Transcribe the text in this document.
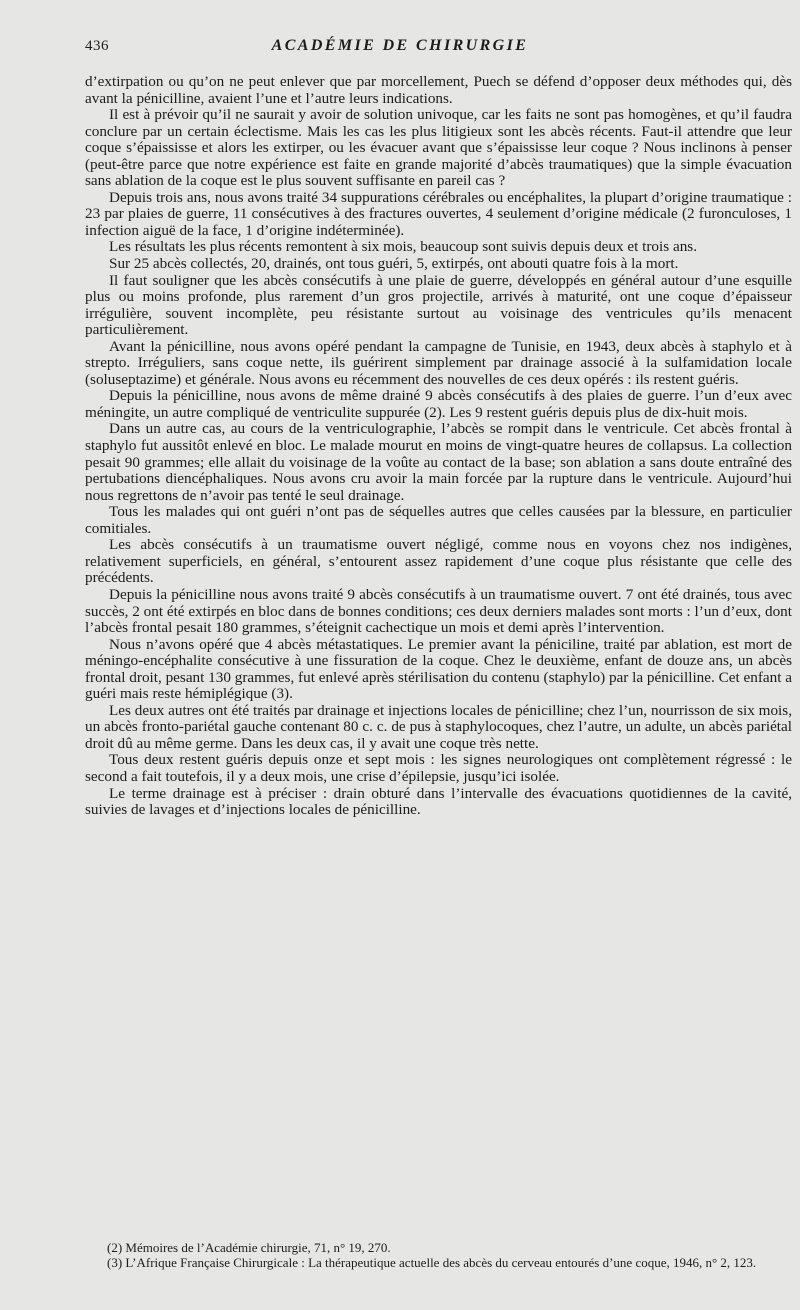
436	ACADÉMIE DE CHIRURGIE

d’extirpation ou qu’on ne peut enlever que par morcellement, Puech se défend d’opposer deux méthodes qui, dès avant la pénicilline, avaient l’une et l’autre leurs indications.

Il est à prévoir qu’il ne saurait y avoir de solution univoque, car les faits ne sont pas homogènes, et qu’il faudra conclure par un certain éclectisme. Mais les cas les plus litigieux sont les abcès récents. Faut-il attendre que leur coque s’épaississe et alors les extirper, ou les évacuer avant que s’épaississe leur coque ? Nous inclinons à penser (peut-être parce que notre expérience est faite en grande majorité d’abcès traumatiques) que la simple évacuation sans ablation de la coque est le plus souvent suffisante en pareil cas ?

Depuis trois ans, nous avons traité 34 suppurations cérébrales ou encéphalites, la plupart d’origine traumatique : 23 par plaies de guerre, 11 consécutives à des fractures ouvertes, 4 seulement d’origine médicale (2 furonculoses, 1 infection aiguë de la face, 1 d’origine indéterminée).

Les résultats les plus récents remontent à six mois, beaucoup sont suivis depuis deux et trois ans.

Sur 25 abcès collectés, 20, drainés, ont tous guéri, 5, extirpés, ont abouti quatre fois à la mort.

Il faut souligner que les abcès consécutifs à une plaie de guerre, développés en général autour d’une esquille plus ou moins profonde, plus rarement d’un gros projectile, arrivés à maturité, ont une coque d’épaisseur irrégulière, souvent incomplète, peu résistante surtout au voisinage des ventricules qu’ils menacent particulièrement.

Avant la pénicilline, nous avons opéré pendant la campagne de Tunisie, en 1943, deux abcès à staphylo et à strepto. Irréguliers, sans coque nette, ils guérirent simplement par drainage associé à la sulfamidation locale (soluseptazime) et générale. Nous avons eu récemment des nouvelles de ces deux opérés : ils restent guéris.

Depuis la pénicilline, nous avons de même drainé 9 abcès consécutifs à des plaies de guerre. l’un d’eux avec méningite, un autre compliqué de ventriculite suppurée (2). Les 9 restent guéris depuis plus de dix-huit mois.

Dans un autre cas, au cours de la ventriculographie, l’abcès se rompit dans le ventricule. Cet abcès frontal à staphylo fut aussitôt enlevé en bloc. Le malade mourut en moins de vingt-quatre heures de collapsus. La collection pesait 90 grammes; elle allait du voisinage de la voûte au contact de la base; son ablation a sans doute entraîné des pertubations diencéphaliques. Nous avons cru avoir la main forcée par la rupture dans le ventricule. Aujourd’hui nous regrettons de n’avoir pas tenté le seul drainage.

Tous les malades qui ont guéri n’ont pas de séquelles autres que celles causées par la blessure, en particulier comitiales.

Les abcès consécutifs à un traumatisme ouvert négligé, comme nous en voyons chez nos indigènes, relativement superficiels, en général, s’entourent assez rapidement d’une coque plus résistante que celle des précédents.

Depuis la pénicilline nous avons traité 9 abcès consécutifs à un traumatisme ouvert. 7 ont été drainés, tous avec succès, 2 ont été extirpés en bloc dans de bonnes conditions; ces deux derniers malades sont morts : l’un d’eux, dont l’abcès frontal pesait 180 grammes, s’éteignit cachectique un mois et demi après l’intervention.

Nous n’avons opéré que 4 abcès métastatiques. Le premier avant la péniciline, traité par ablation, est mort de méningo-encéphalite consécutive à une fissuration de la coque. Chez le deuxième, enfant de douze ans, un abcès frontal droit, pesant 130 grammes, fut enlevé après stérilisation du contenu (staphylo) par la pénicilline. Cet enfant a guéri mais reste hémiplégique (3).

Les deux autres ont été traités par drainage et injections locales de pénicilline; chez l’un, nourrisson de six mois, un abcès fronto-pariétal gauche contenant 80 c. c. de pus à staphylocoques, chez l’autre, un adulte, un abcès pariétal droit dû au même germe. Dans les deux cas, il y avait une coque très nette.

Tous deux restent guéris depuis onze et sept mois : les signes neurologiques ont complètement régressé : le second a fait toutefois, il y a deux mois, une crise d’épilepsie, jusqu’ici isolée.

Le terme drainage est à préciser : drain obturé dans l’intervalle des évacuations quotidiennes de la cavité, suivies de lavages et d’injections locales de pénicilline.

(2) Mémoires de l’Académie chirurgie, 71, n° 19, 270.

(3) L’Afrique Française Chirurgicale : La thérapeutique actuelle des abcès du cerveau entourés d’une coque, 1946, n° 2, 123.
